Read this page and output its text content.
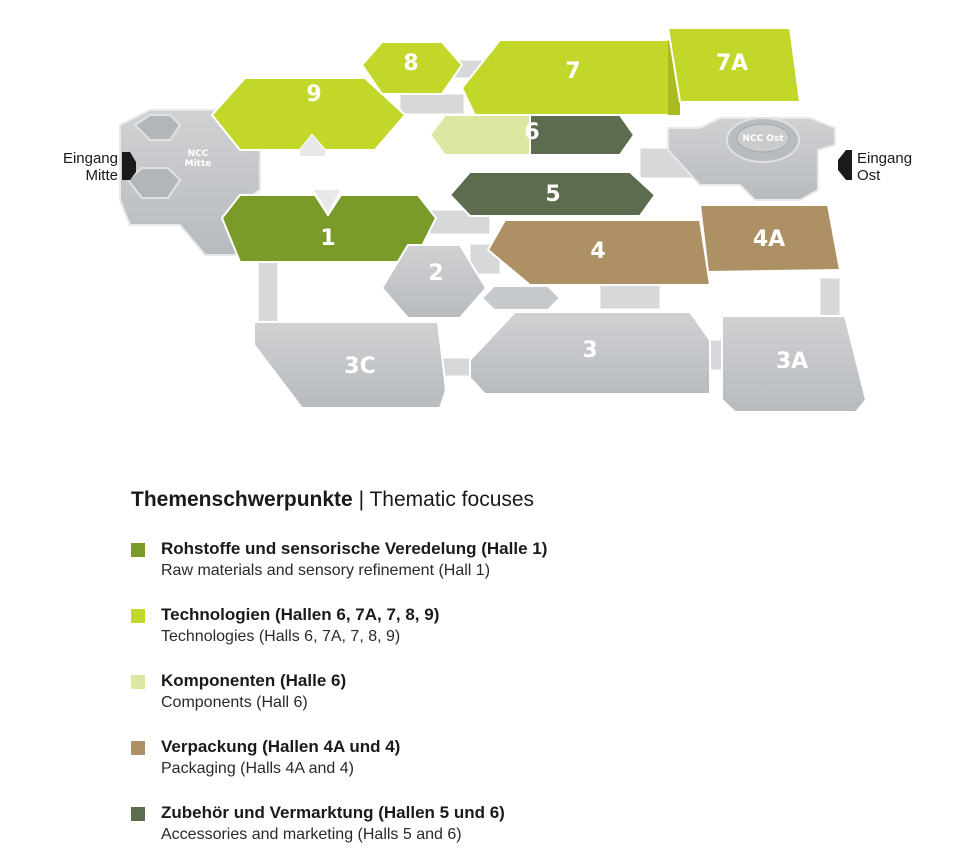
NCC
Mitte
NCC Ost
9
8	7	7A
6
5
1
4	4A
2
3C
3	3A
Eingang
Mitte
Eingang
Ost
Themenschwerpunkte | Thematic focuses
Rohstoffe und sensorische Veredelung (Halle 1)
Raw materials and sensory refinement (Hall 1)
Technologien (Hallen 6, 7A, 7, 8, 9)
Technologies (Halls 6, 7A, 7, 8, 9)
Komponenten (Halle 6)
Components (Hall 6)
Verpackung (Hallen 4A und 4)
Packaging (Halls 4A and 4)
Zubehör und Vermarktung (Hallen 5 und 6)
Accessories and marketing (Halls 5 and 6)
